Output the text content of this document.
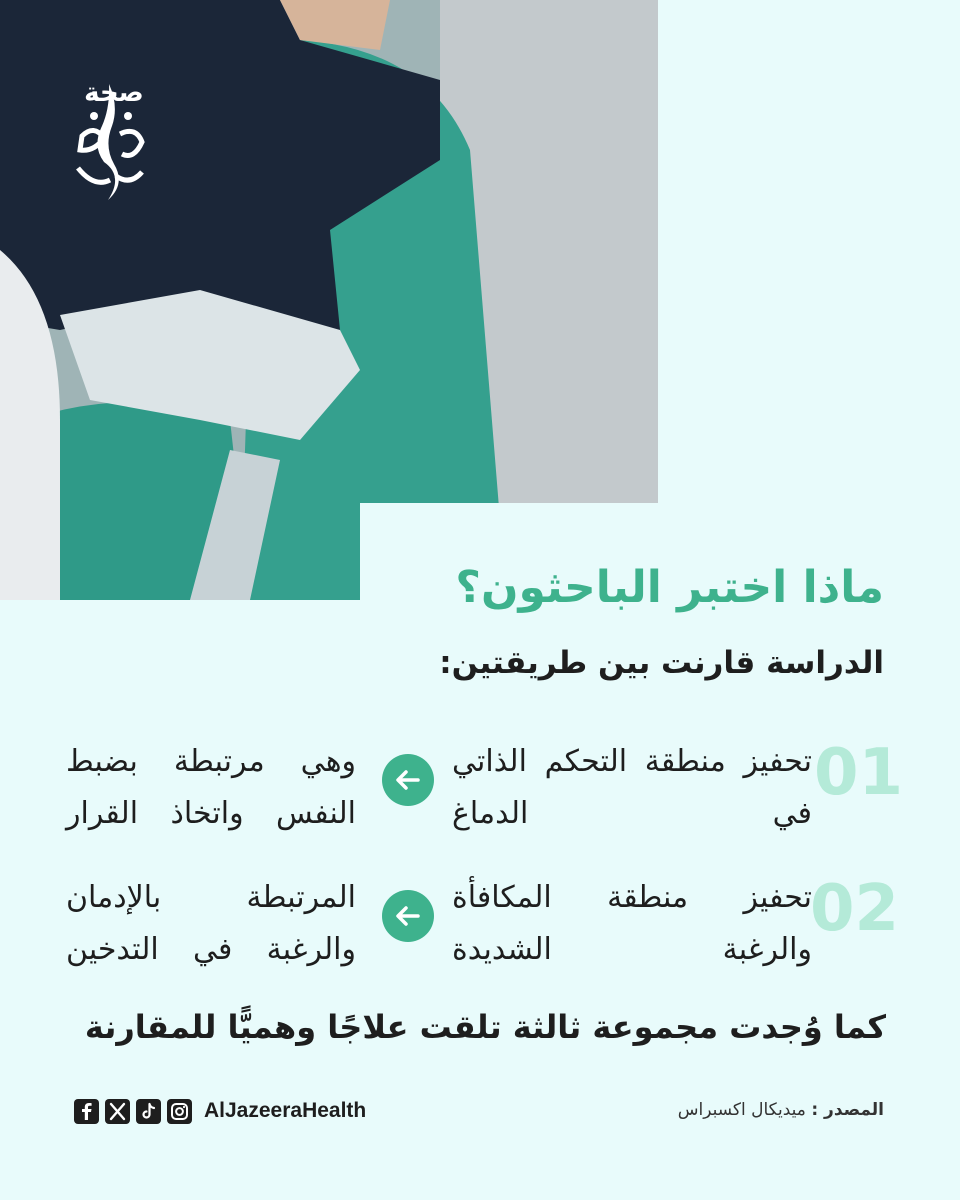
صحة
ماذا اختبر الباحثون؟
الدراسة قارنت بين طريقتين:
01
تحفيز منطقة التحكم الذاتي في الدماغ
وهي مرتبطة بضبط النفس واتخاذ القرار
02
تحفيز منطقة المكافأة والرغبة الشديدة
المرتبطة بالإدمان والرغبة في التدخين

كما وُجدت مجموعة ثالثة تلقت علاجًا وهميًّا للمقارنة

المصدر : ميديكال اكسبراس
AlJazeeraHealth
